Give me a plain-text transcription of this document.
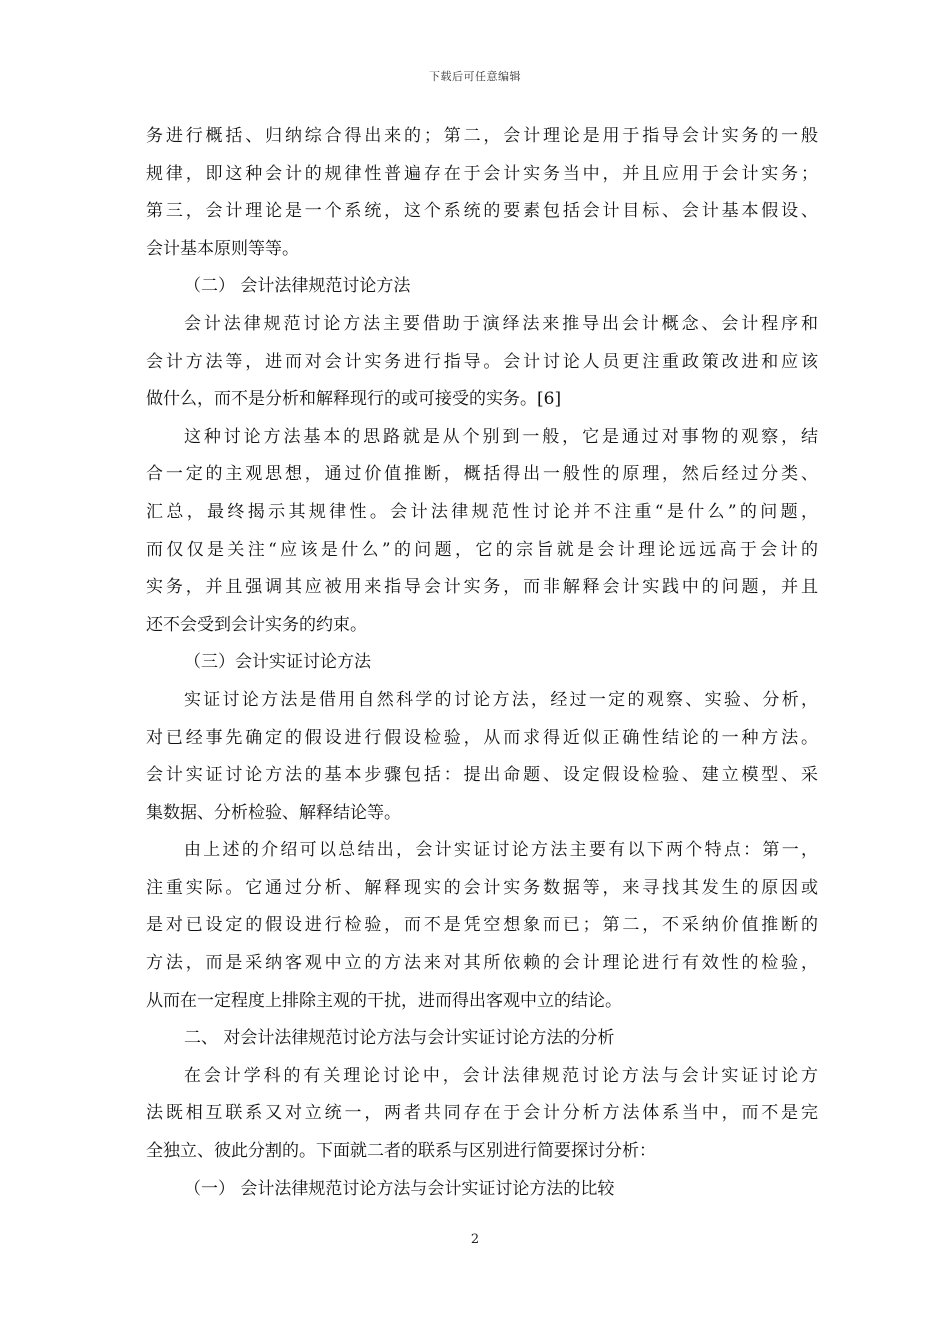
下载后可任意编辑
务进行概括、归纳综合得出来的；第二，会计理论是用于指导会计实务的一般
规律，即这种会计的规律性普遍存在于会计实务当中，并且应用于会计实务；
第三，会计理论是一个系统，这个系统的要素包括会计目标、会计基本假设、
会计基本原则等等。
（二） 会计法律规范讨论方法
会计法律规范讨论方法主要借助于演绎法来推导出会计概念、会计程序和
会计方法等，进而对会计实务进行指导。会计讨论人员更注重政策改进和应该
做什么，而不是分析和解释现行的或可接受的实务。[6]
这种讨论方法基本的思路就是从个别到一般，它是通过对事物的观察，结
合一定的主观思想，通过价值推断，概括得出一般性的原理，然后经过分类、
汇总，最终揭示其规律性。会计法律规范性讨论并不注重“是什么”的问题，
而仅仅是关注“应该是什么”的问题，它的宗旨就是会计理论远远高于会计的
实务，并且强调其应被用来指导会计实务，而非解释会计实践中的问题，并且
还不会受到会计实务的约束。
（三）会计实证讨论方法
实证讨论方法是借用自然科学的讨论方法，经过一定的观察、实验、分析，
对已经事先确定的假设进行假设检验，从而求得近似正确性结论的一种方法。
会计实证讨论方法的基本步骤包括：提出命题、设定假设检验、建立模型、采
集数据、分析检验、解释结论等。
由上述的介绍可以总结出，会计实证讨论方法主要有以下两个特点：第一，
注重实际。它通过分析、解释现实的会计实务数据等，来寻找其发生的原因或
是对已设定的假设进行检验，而不是凭空想象而已；第二，不采纳价值推断的
方法，而是采纳客观中立的方法来对其所依赖的会计理论进行有效性的检验，
从而在一定程度上排除主观的干扰，进而得出客观中立的结论。
二、 对会计法律规范讨论方法与会计实证讨论方法的分析
在会计学科的有关理论讨论中，会计法律规范讨论方法与会计实证讨论方
法既相互联系又对立统一，两者共同存在于会计分析方法体系当中，而不是完
全独立、彼此分割的。下面就二者的联系与区别进行简要探讨分析：
（一） 会计法律规范讨论方法与会计实证讨论方法的比较
2
